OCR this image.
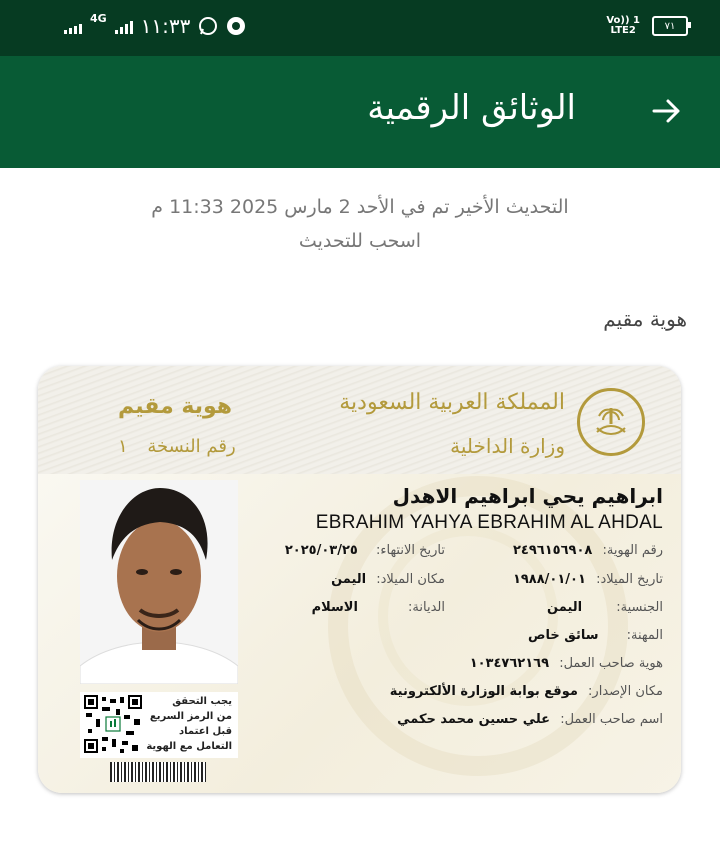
4G ١١:٣٣	Vo)) 1
LTE2	٧١
الوثائق الرقمية
التحديث الأخير تم في الأحد 2 مارس 2025 11:33 م
اسحب للتحديث
هوية مقيم
المملكة العربية السعودية
وزارة الداخلية
هوية مقيم
رقم النسخة ١
يجب التحقق
من الرمز السريع
قبل اعتماد
التعامل مع الهوية
ابراهيم يحي ابراهيم الاهدل
EBRAHIM YAHYA EBRAHIM AL AHDAL
رقم الهوية: ٢٤٩٦١٥٦٩٠٨
تاريخ الميلاد: ١٩٨٨/٠١/٠١
الجنسية: اليمن
المهنة: سائق خاص
هوية صاحب العمل: ١٠٣٤٧٦٢١٦٩
مكان الإصدار: موقع بوابة الوزارة الألكترونية
اسم صاحب العمل: علي حسين محمد حكمي
تاريخ الانتهاء: ٢٠٢٥/٠٣/٢٥
مكان الميلاد: اليمن
الديانة: الاسلام
